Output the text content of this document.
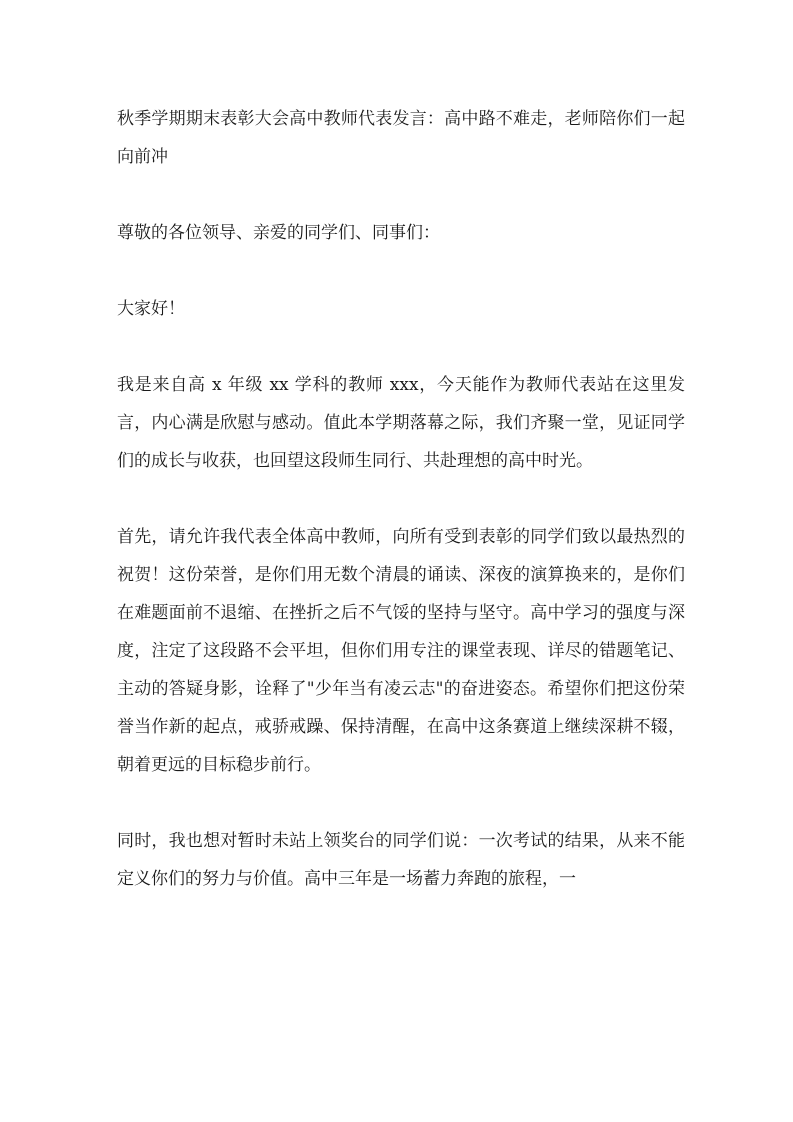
秋季学期期末表彰大会高中教师代表发言：高中路不难走，老师陪你们一起向前冲

尊敬的各位领导、亲爱的同学们、同事们：

大家好！

我是来自高 x 年级 xx 学科的教师 xxx，今天能作为教师代表站在这里发言，内心满是欣慰与感动。值此本学期落幕之际，我们齐聚一堂，见证同学们的成长与收获，也回望这段师生同行、共赴理想的高中时光。

首先，请允许我代表全体高中教师，向所有受到表彰的同学们致以最热烈的祝贺！这份荣誉，是你们用无数个清晨的诵读、深夜的演算换来的，是你们在难题面前不退缩、在挫折之后不气馁的坚持与坚守。高中学习的强度与深度，注定了这段路不会平坦，但你们用专注的课堂表现、详尽的错题笔记、主动的答疑身影，诠释了"少年当有凌云志"的奋进姿态。希望你们把这份荣誉当作新的起点，戒骄戒躁、保持清醒，在高中这条赛道上继续深耕不辍，朝着更远的目标稳步前行。

同时，我也想对暂时未站上领奖台的同学们说：一次考试的结果，从来不能定义你们的努力与价值。高中三年是一场蓄力奔跑的旅程，一
